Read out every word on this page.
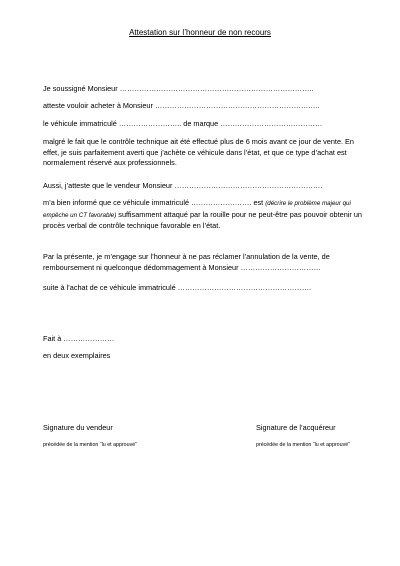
Attestation sur l’honneur de non recours
Je soussigné Monsieur ……………………………………………………………………..
atteste vouloir acheter à Monsieur …………………………………………………………..
le véhicule immatriculé …………………….. de marque ……………………………………
malgré le fait que le contrôle technique ait été effectué plus de 6 mois avant ce jour de vente. En effet, je suis parfaitement averti que j’achète ce véhicule dans l’état, et que ce type d’achat est normalement réservé aux professionnels.
Aussi, j’atteste que le vendeur Monsieur …………………………………………………….
m’a bien informé que ce véhicule immatriculé ……………………. est (décrire le problème majeur qui empêche un CT favorable) suffisamment attaqué par la rouille pour ne peut-être pas pouvoir obtenir un procès verbal de contrôle technique favorable en l’état.
Par la présente, je m’engage sur l’honneur à ne pas réclamer l’annulation de la vente, de remboursement ni quelconque dédommagement à Monsieur ……………………………
suite à l’achat de ce véhicule immatriculé ……………………………………………….
Fait à …………………
en deux exemplaires
Signature du vendeur
précédée de la mention “lu et approuvé”
Signature de l’acquéreur
précédée de la mention “lu et approuvé”
